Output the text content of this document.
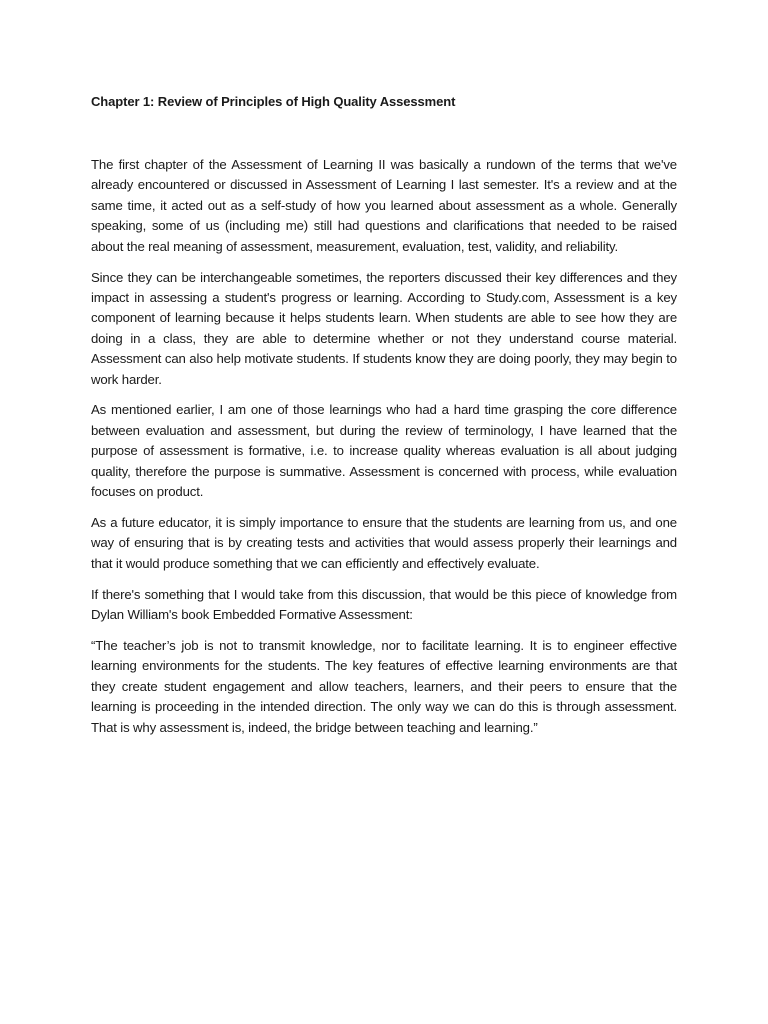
Chapter 1: Review of Principles of High Quality Assessment

The first chapter of the Assessment of Learning II was basically a rundown of the terms that we've already encountered or discussed in Assessment of Learning I last semester. It's a review and at the same time, it acted out as a self-study of how you learned about assessment as a whole. Generally speaking, some of us (including me) still had questions and clarifications that needed to be raised about the real meaning of assessment, measurement, evaluation, test, validity, and reliability.

Since they can be interchangeable sometimes, the reporters discussed their key differences and they impact in assessing a student's progress or learning. According to Study.com, Assessment is a key component of learning because it helps students learn. When students are able to see how they are doing in a class, they are able to determine whether or not they understand course material. Assessment can also help motivate students. If students know they are doing poorly, they may begin to work harder.

As mentioned earlier, I am one of those learnings who had a hard time grasping the core difference between evaluation and assessment, but during the review of terminology, I have learned that the purpose of assessment is formative, i.e. to increase quality whereas evaluation is all about judging quality, therefore the purpose is summative. Assessment is concerned with process, while evaluation focuses on product.

As a future educator, it is simply importance to ensure that the students are learning from us, and one way of ensuring that is by creating tests and activities that would assess properly their learnings and that it would produce something that we can efficiently and effectively evaluate.

If there's something that I would take from this discussion, that would be this piece of knowledge from Dylan William's book Embedded Formative Assessment:

“The teacher’s job is not to transmit knowledge, nor to facilitate learning. It is to engineer effective learning environments for the students. The key features of effective learning environments are that they create student engagement and allow teachers, learners, and their peers to ensure that the learning is proceeding in the intended direction. The only way we can do this is through assessment. That is why assessment is, indeed, the bridge between teaching and learning.”
